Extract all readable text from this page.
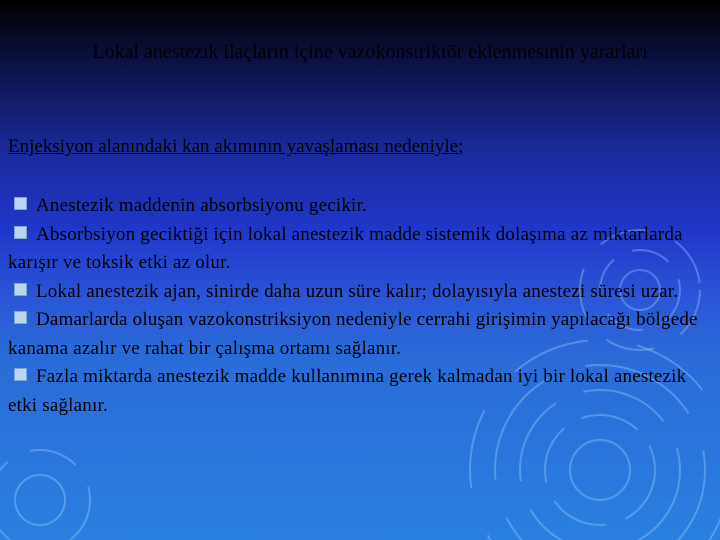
Lokal anestezik ilaçların içine vazokonstriktör eklenmesinin yararları
Enjeksiyon alanındaki kan akımının yavaşlaması nedeniyle;
Anestezik maddenin absorbsiyonu gecikir.
Absorbsiyon geciktiği için lokal anestezik madde sistemik dolaşıma az miktarlarda karışır ve toksik etki az olur.
Lokal anestezik ajan, sinirde daha uzun süre kalır; dolayısıyla anestezi süresi uzar.
Damarlarda oluşan vazokonstriksiyon nedeniyle cerrahi girişimin yapılacağı bölgede kanama azalır ve rahat bir çalışma ortamı sağlanır.
Fazla miktarda anestezik madde kullanımına gerek kalmadan iyi bir lokal anestezik etki sağlanır.
